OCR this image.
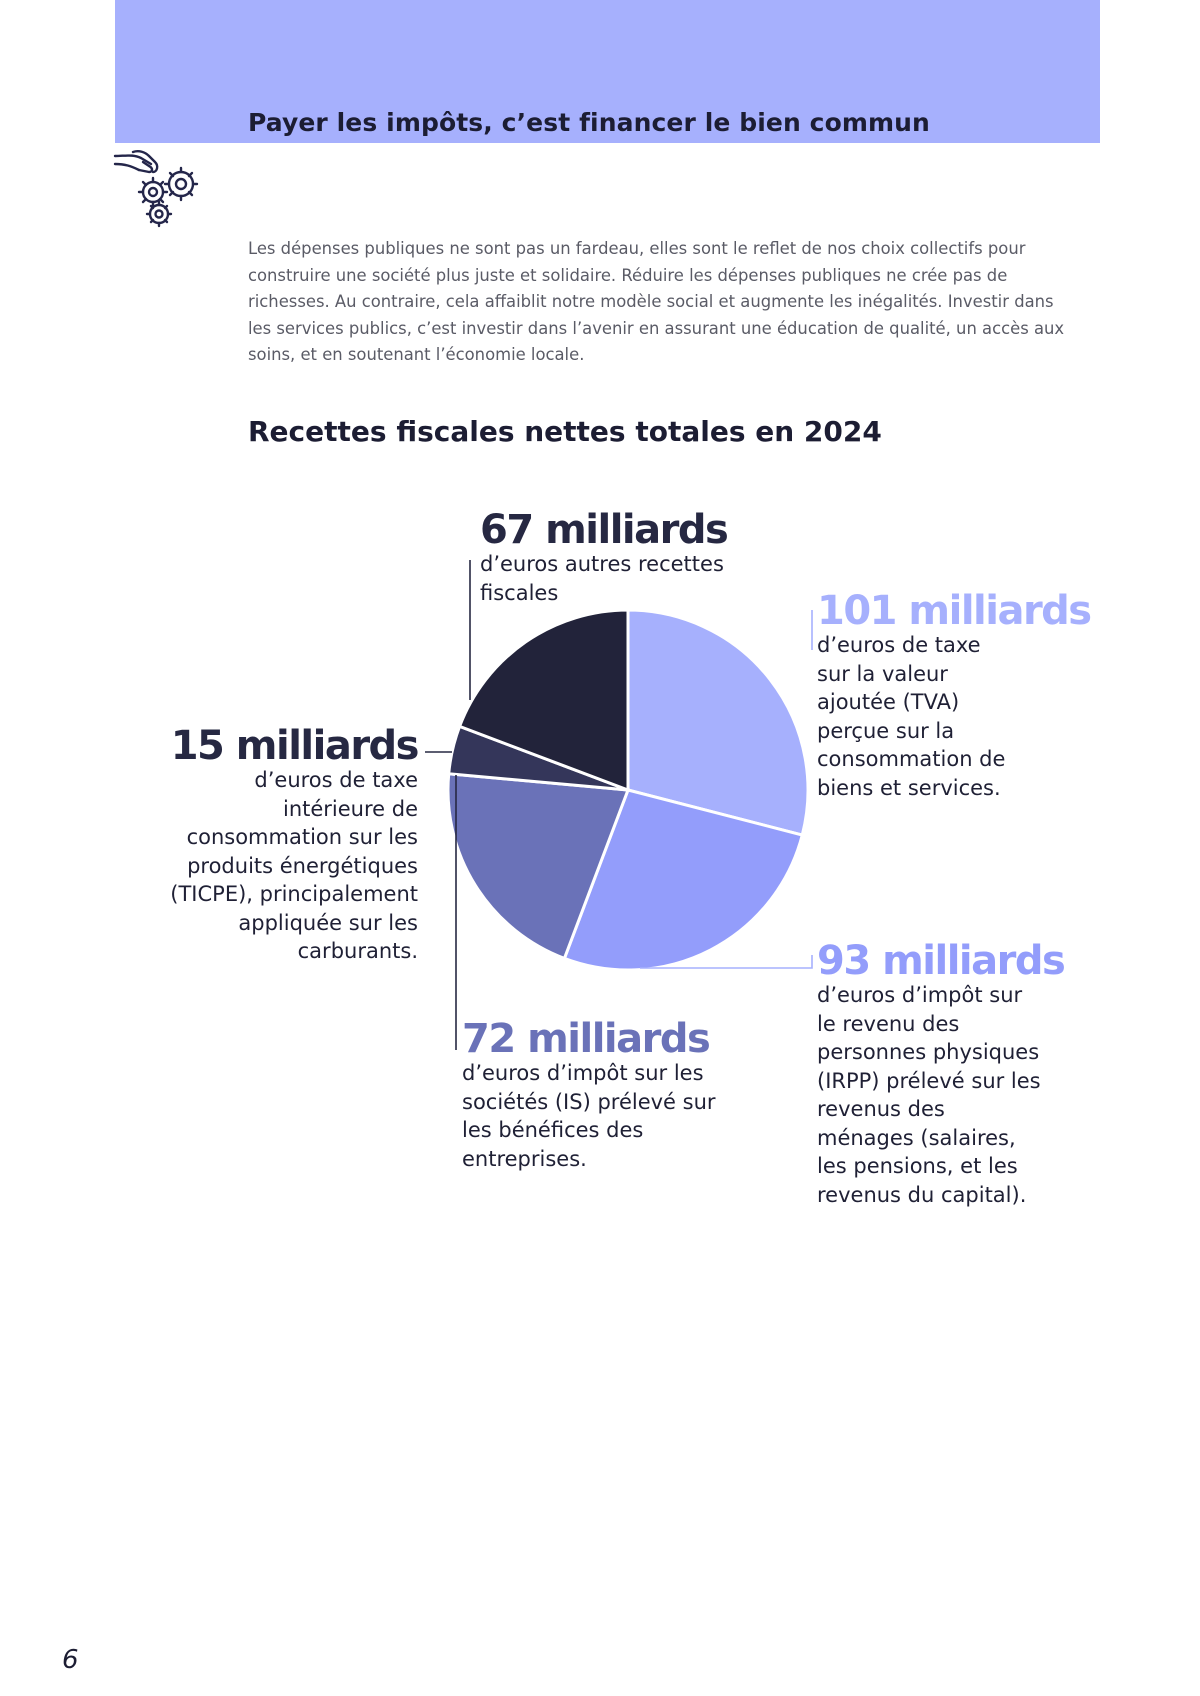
Payer les impôts, c’est financer le bien commun

Les dépenses publiques ne sont pas un fardeau, elles sont le reflet de nos choix collectifs pour construire une société plus juste et solidaire. Réduire les dépenses publiques ne crée pas de richesses. Au contraire, cela affaiblit notre modèle social et augmente les inégalités. Investir dans les services publics, c’est investir dans l’avenir en assurant une éducation de qualité, un accès aux soins, et en soutenant l’économie locale.

Recettes fiscales nettes totales en 2024
67 milliards
d’euros autres recettes fiscales	101 milliards
d’euros de taxe sur la valeur ajoutée (TVA) perçue sur la consommation de biens et services.
15 milliards
d’euros de taxe intérieure de consommation sur les produits énergétiques (TICPE), principalement appliquée sur les carburants.
72 milliards
d’euros d’impôt sur les sociétés (IS) prélevé sur les bénéfices des entreprises.
93 milliards
d’euros d’impôt sur le revenu des personnes physiques (IRPP) prélevé sur les revenus des ménages (salaires, les pensions, et les revenus du capital).
6
